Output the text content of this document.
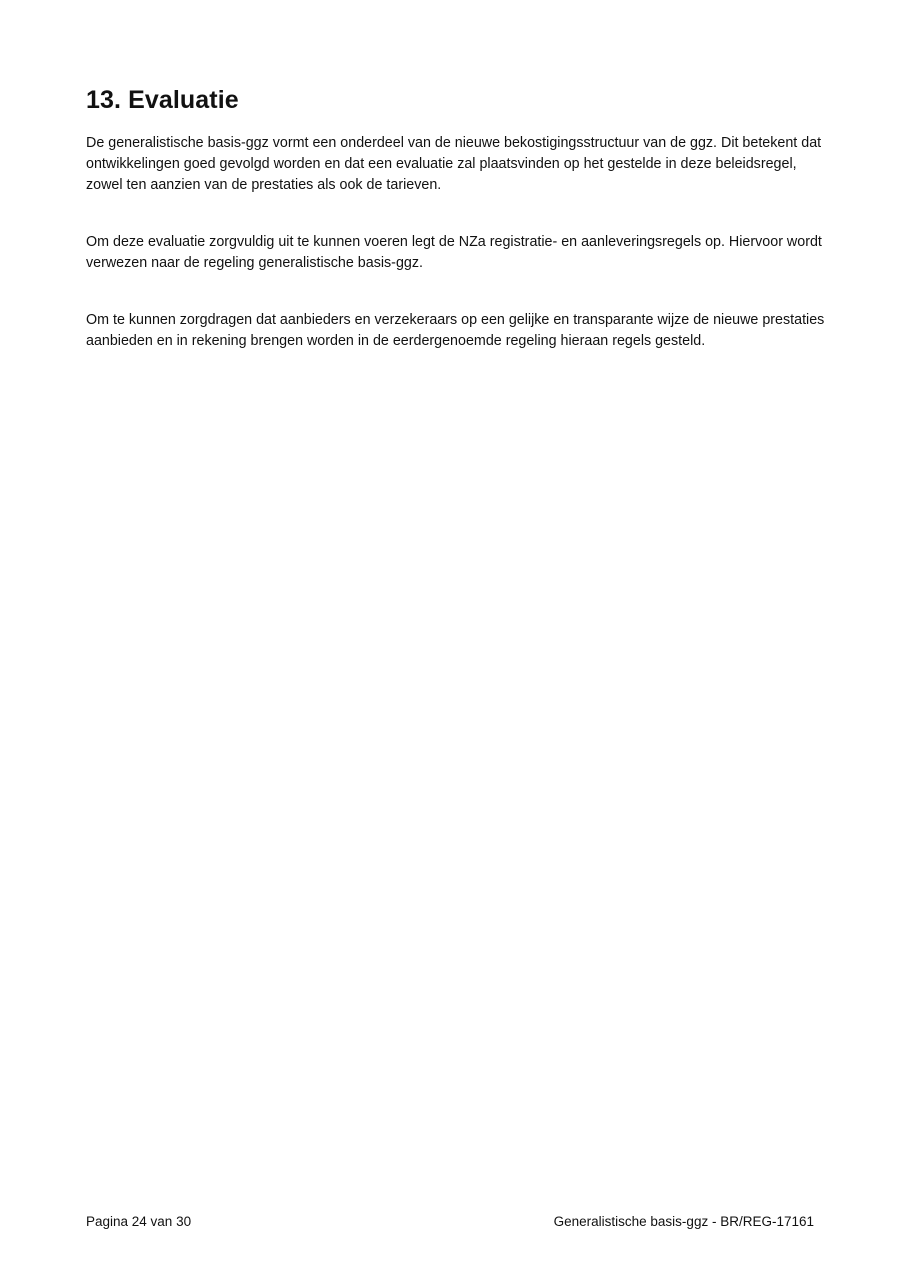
13. Evaluatie

De generalistische basis-ggz vormt een onderdeel van de nieuwe bekostigingsstructuur van de ggz. Dit betekent dat ontwikkelingen goed gevolgd worden en dat een evaluatie zal plaatsvinden op het gestelde in deze beleidsregel, zowel ten aanzien van de prestaties als ook de tarieven.

Om deze evaluatie zorgvuldig uit te kunnen voeren legt de NZa registratie- en aanleveringsregels op. Hiervoor wordt verwezen naar de regeling generalistische basis-ggz.

Om te kunnen zorgdragen dat aanbieders en verzekeraars op een gelijke en transparante wijze de nieuwe prestaties aanbieden en in rekening brengen worden in de eerdergenoemde regeling hieraan regels gesteld.

Pagina 24 van 30	Generalistische basis-ggz - BR/REG-17161
